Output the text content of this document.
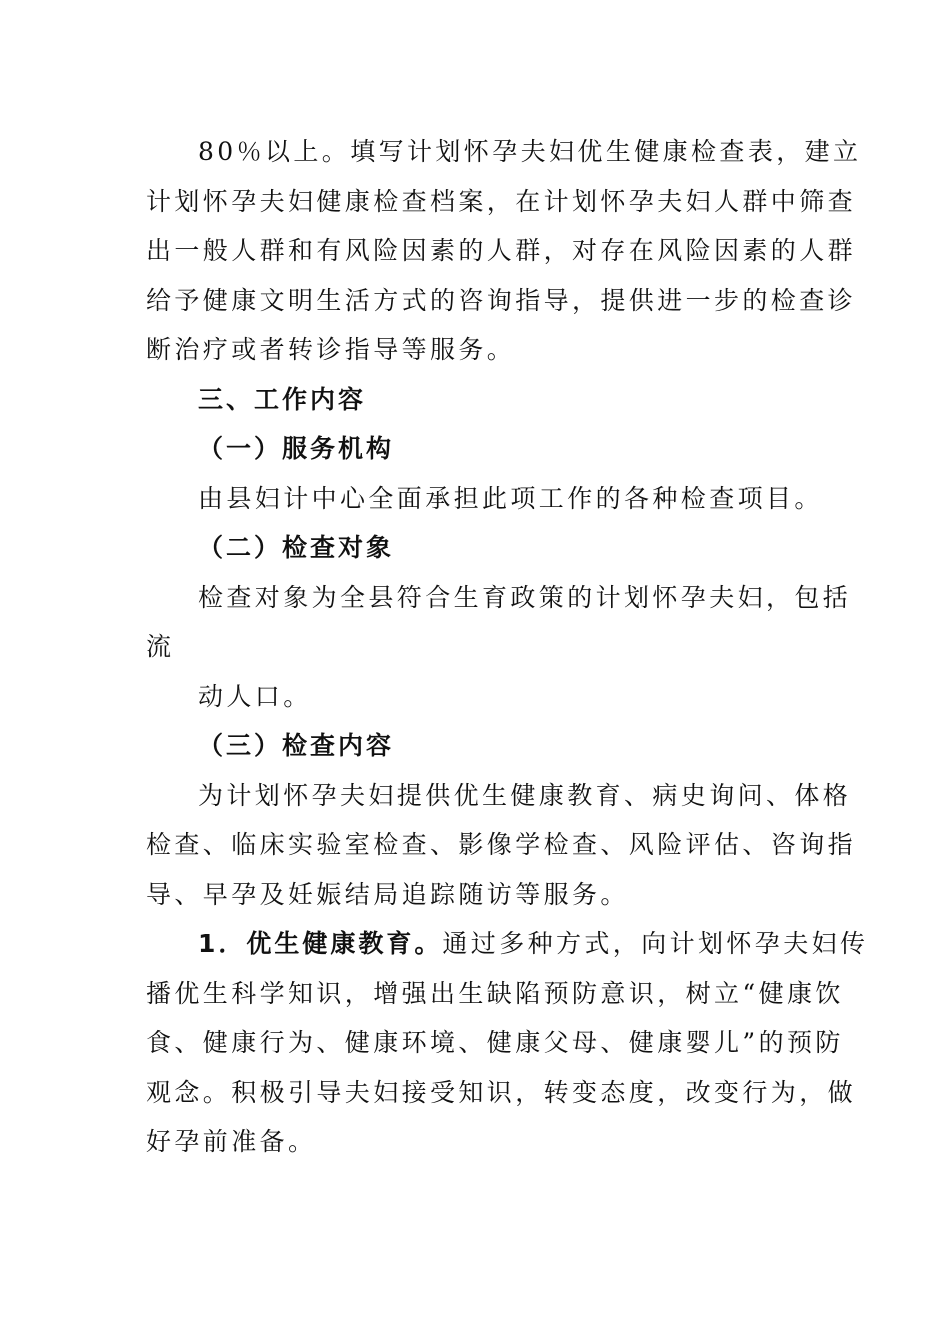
80％以上。填写计划怀孕夫妇优生健康检查表，建立
计划怀孕夫妇健康检查档案，在计划怀孕夫妇人群中筛查
出一般人群和有风险因素的人群，对存在风险因素的人群
给予健康文明生活方式的咨询指导，提供进一步的检查诊
断治疗或者转诊指导等服务。
三、工作内容
（一）服务机构
由县妇计中心全面承担此项工作的各种检查项目。
（二）检查对象
检查对象为全县符合生育政策的计划怀孕夫妇，包括
流
动人口。
（三）检查内容
为计划怀孕夫妇提供优生健康教育、病史询问、体格
检查、临床实验室检查、影像学检查、风险评估、咨询指
导、早孕及妊娠结局追踪随访等服务。
1．优生健康教育。通过多种方式，向计划怀孕夫妇传
播优生科学知识，增强出生缺陷预防意识，树立“健康饮
食、健康行为、健康环境、健康父母、健康婴儿”的预防
观念。积极引导夫妇接受知识，转变态度，改变行为，做
好孕前准备。
